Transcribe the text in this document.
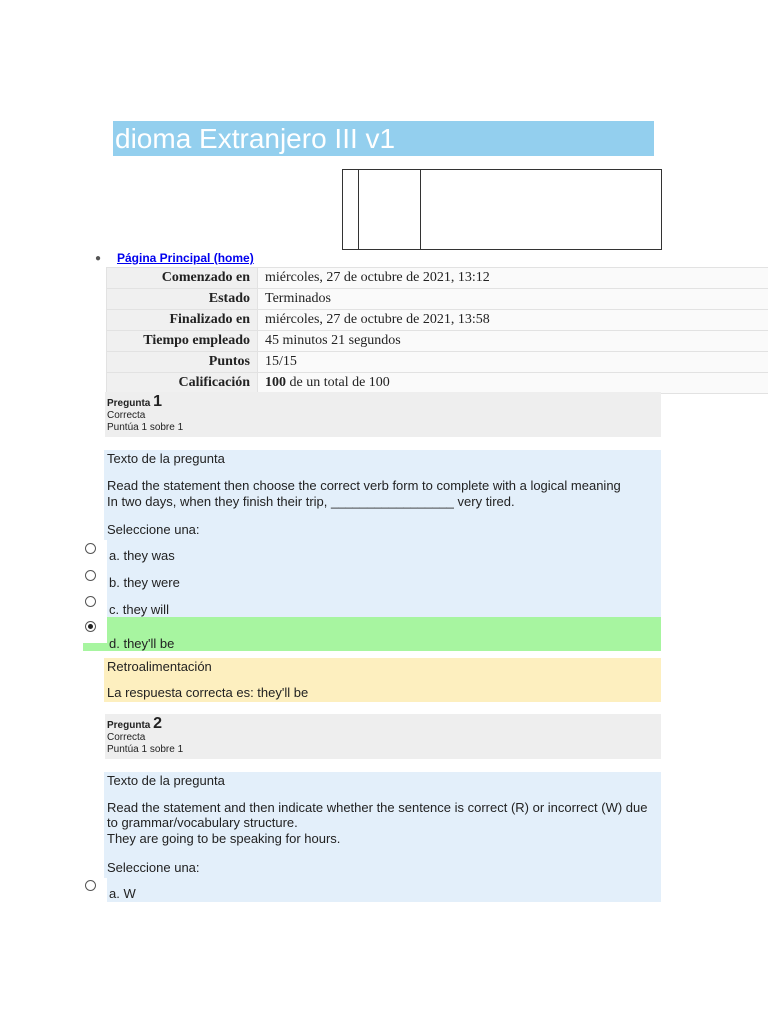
dioma Extranjero III v1
● Página Principal (home)
Comenzado en	miércoles, 27 de octubre de 2021, 13:12
Estado	Terminados
Finalizado en	miércoles, 27 de octubre de 2021, 13:58
Tiempo empleado	45 minutos 21 segundos
Puntos	15/15
Calificación	100 de un total de 100
Pregunta 1
Correcta
Puntúa 1 sobre 1
Texto de la pregunta
Read the statement then choose the correct verb form to complete with a logical meaning
In two days, when they finish their trip, _________________ very tired.
Seleccione una:
a. they was
b. they were
c. they will
d. they'll be
Retroalimentación
La respuesta correcta es: they'll be
Pregunta 2
Correcta
Puntúa 1 sobre 1
Texto de la pregunta
Read the statement and then indicate whether the sentence is correct (R) or incorrect (W) due
to grammar/vocabulary structure.
They are going to be speaking for hours.
Seleccione una:
a. W
